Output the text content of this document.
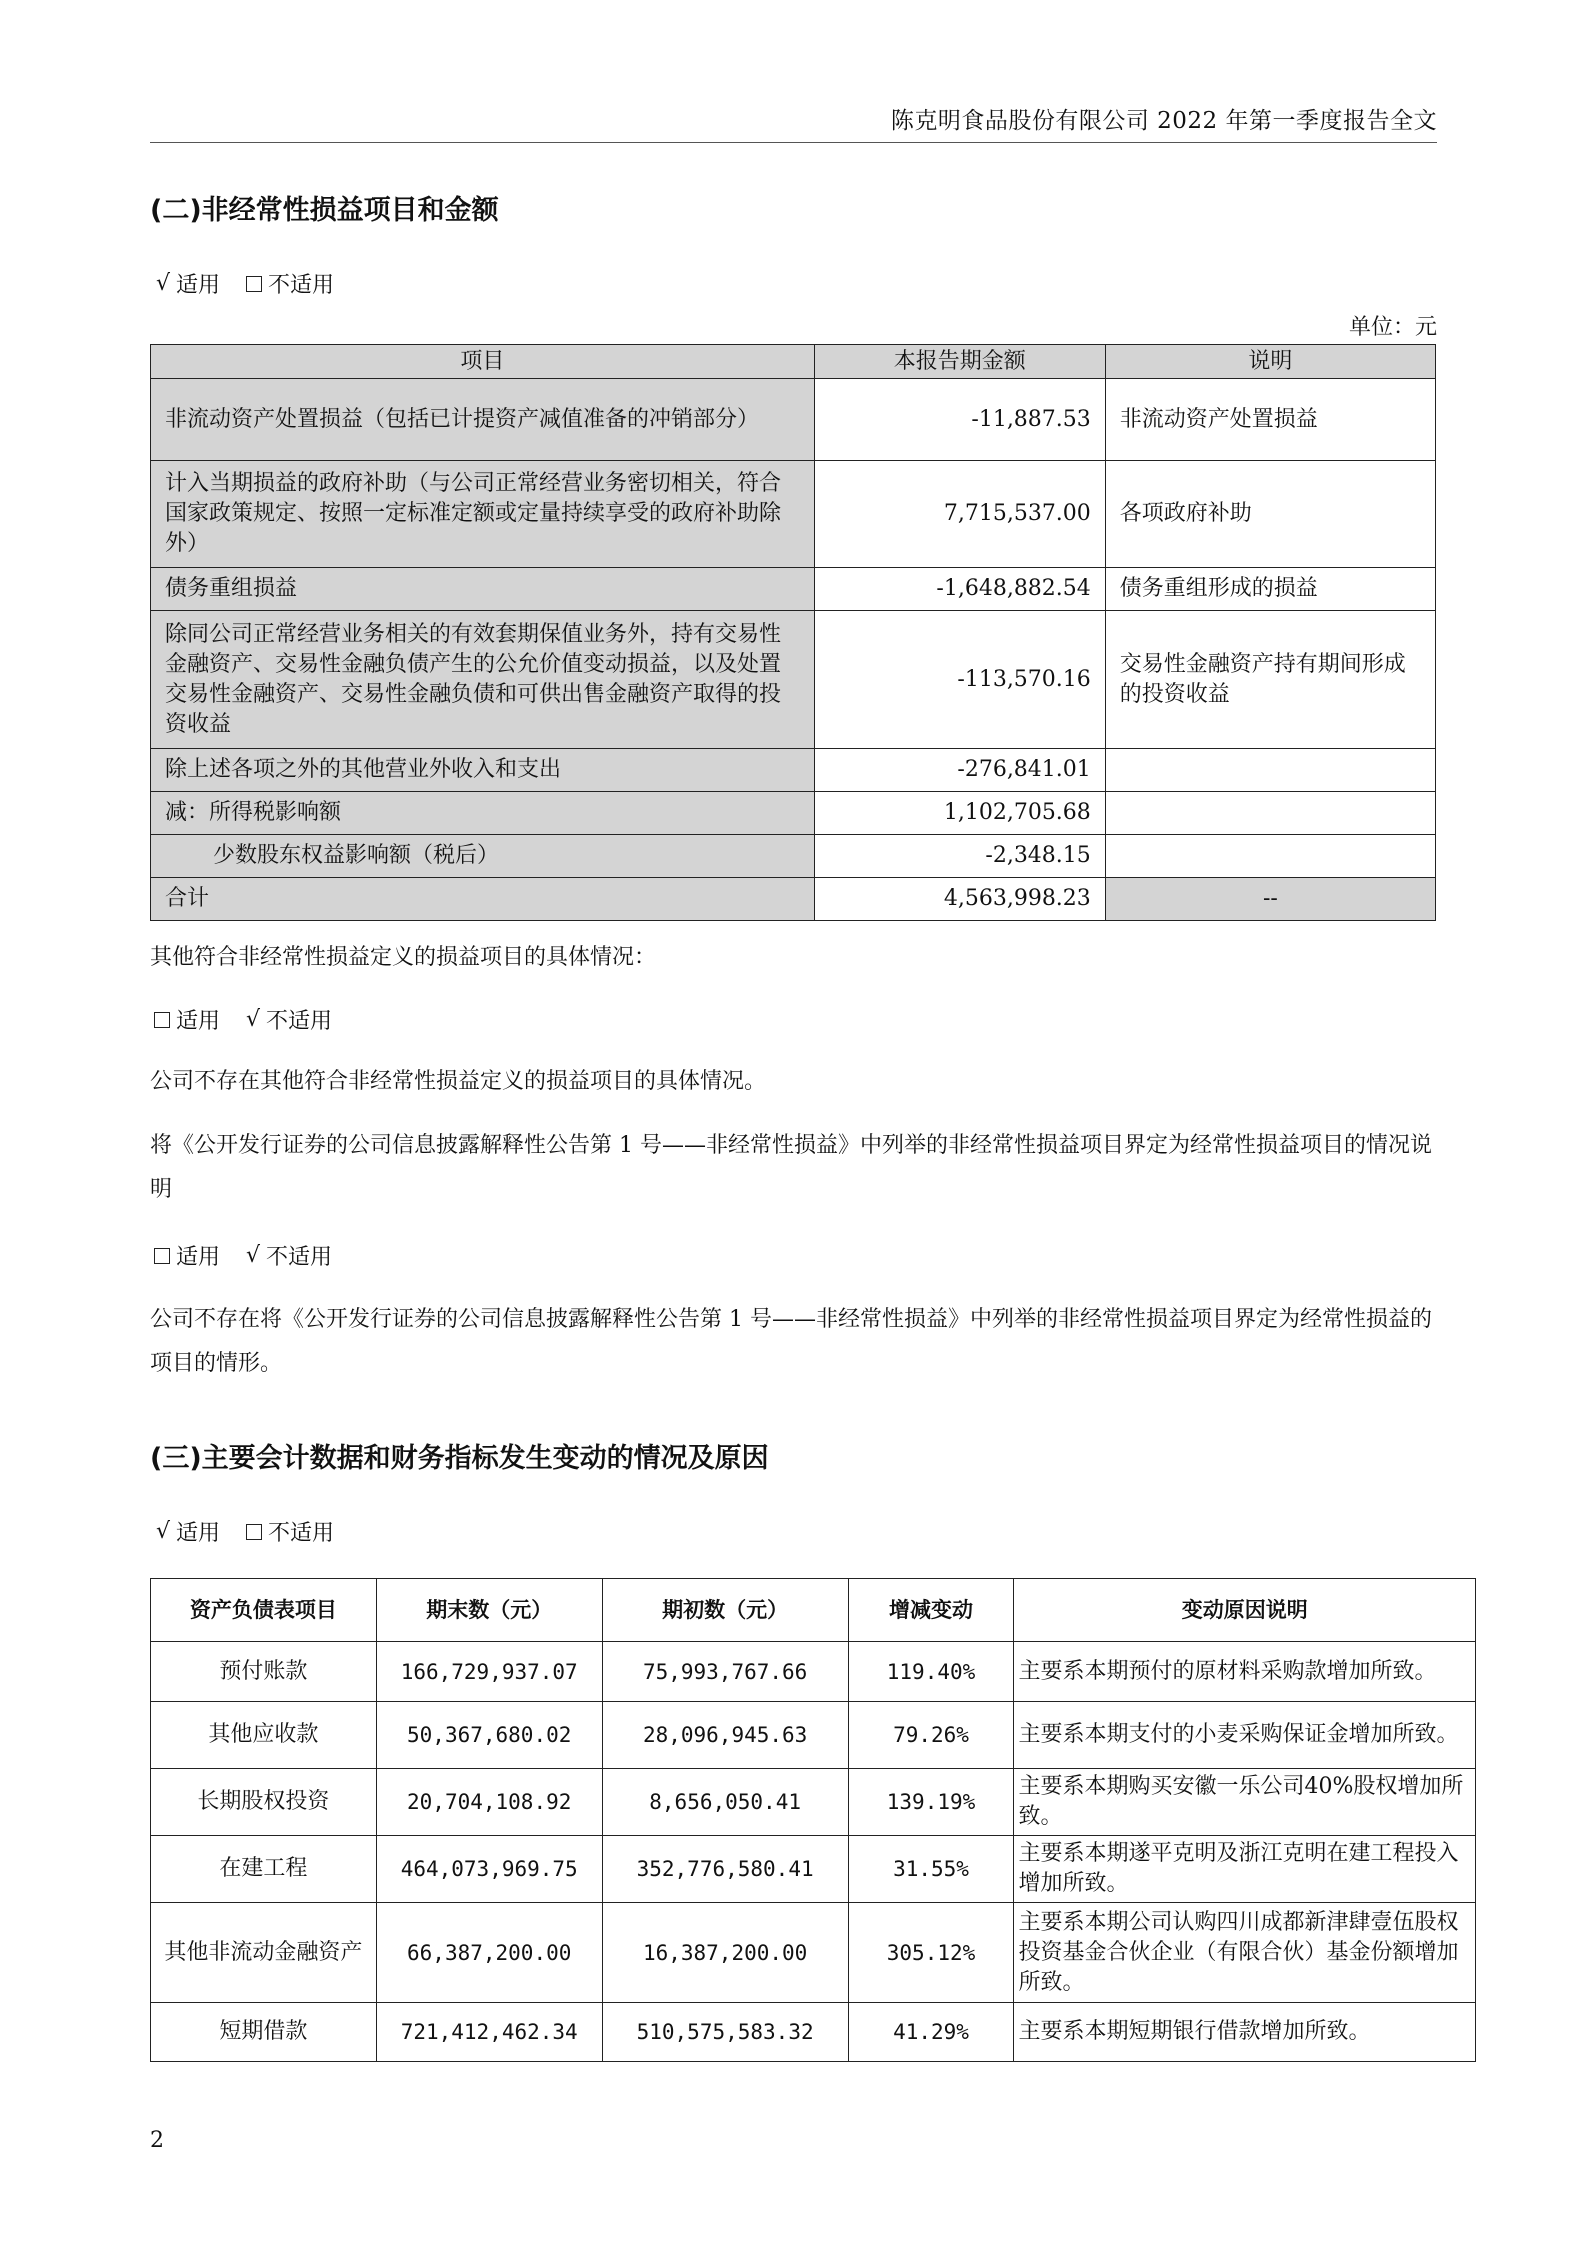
陈克明食品股份有限公司 2022 年第一季度报告全文
(二)非经常性损益项目和金额
√ 适用 不适用
单位：元
项目	本报告期金额	说明
非流动资产处置损益（包括已计提资产减值准备的冲销部分）	-11,887.53	非流动资产处置损益
计入当期损益的政府补助（与公司正常经营业务密切相关，符合国家政策规定、按照一定标准定额或定量持续享受的政府补助除外）	7,715,537.00	各项政府补助
债务重组损益	-1,648,882.54	债务重组形成的损益
除同公司正常经营业务相关的有效套期保值业务外，持有交易性金融资产、交易性金融负债产生的公允价值变动损益，以及处置交易性金融资产、交易性金融负债和可供出售金融资产取得的投资收益	-113,570.16	交易性金融资产持有期间形成的投资收益
除上述各项之外的其他营业外收入和支出	-276,841.01	
减：所得税影响额	1,102,705.68	
少数股东权益影响额（税后）	-2,348.15	
合计	4,563,998.23	--
其他符合非经常性损益定义的损益项目的具体情况：
适用 √ 不适用
公司不存在其他符合非经常性损益定义的损益项目的具体情况。
将《公开发行证券的公司信息披露解释性公告第 1 号——非经常性损益》中列举的非经常性损益项目界定为经常性损益项目的情况说明
适用 √ 不适用
公司不存在将《公开发行证券的公司信息披露解释性公告第 1 号——非经常性损益》中列举的非经常性损益项目界定为经常性损益的项目的情形。
(三)主要会计数据和财务指标发生变动的情况及原因
√ 适用 不适用
资产负债表项目	期末数（元）	期初数（元）	增减变动	变动原因说明
预付账款	166,729,937.07	75,993,767.66	119.40%	主要系本期预付的原材料采购款增加所致。
其他应收款	50,367,680.02	28,096,945.63	79.26%	主要系本期支付的小麦采购保证金增加所致。
长期股权投资	20,704,108.92	8,656,050.41	139.19%	主要系本期购买安徽一乐公司40%股权增加所致。
在建工程	464,073,969.75	352,776,580.41	31.55%	主要系本期遂平克明及浙江克明在建工程投入增加所致。
其他非流动金融资产	66,387,200.00	16,387,200.00	305.12%	主要系本期公司认购四川成都新津肆壹伍股权投资基金合伙企业（有限合伙）基金份额增加所致。
短期借款	721,412,462.34	510,575,583.32	41.29%	主要系本期短期银行借款增加所致。
2
